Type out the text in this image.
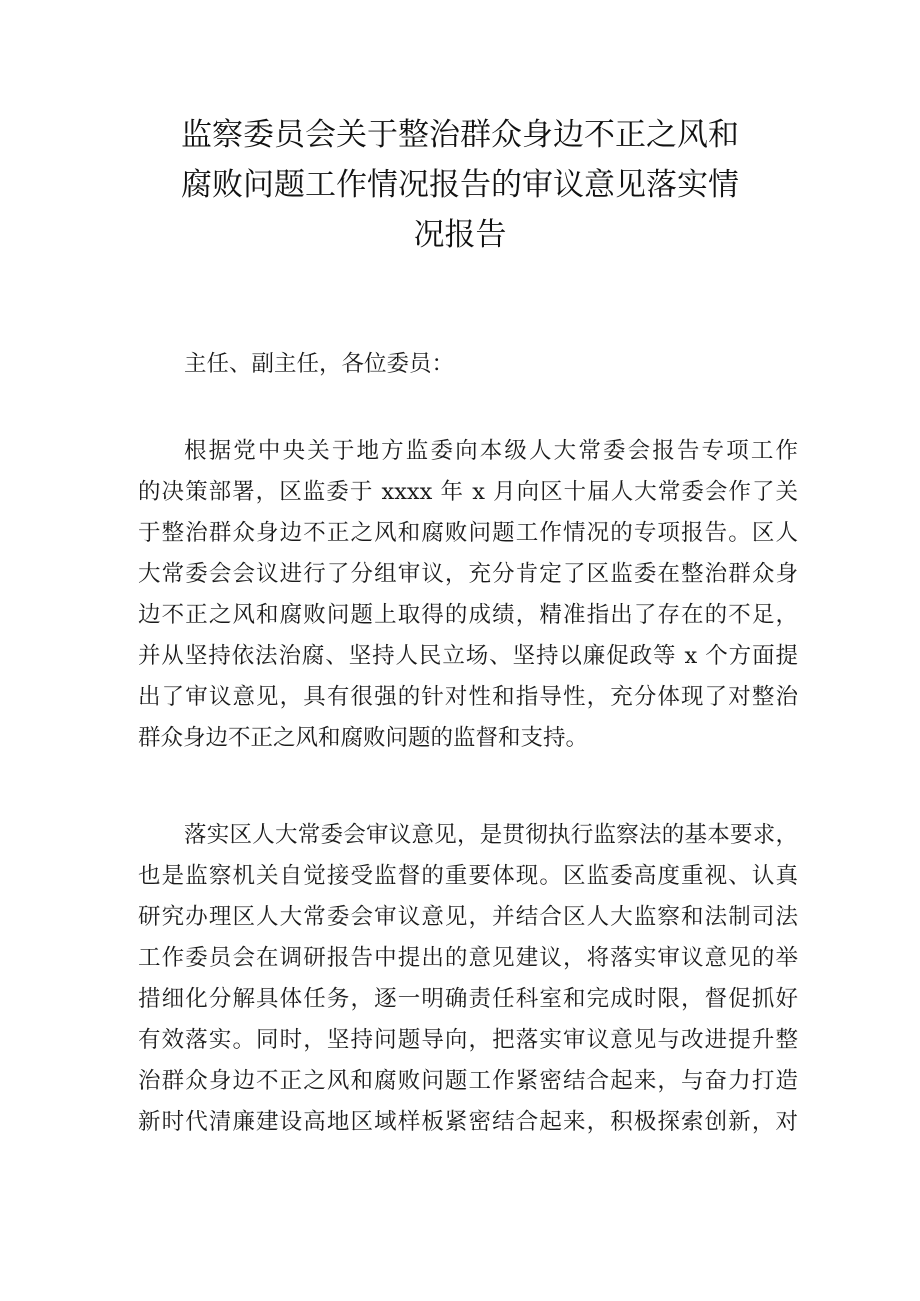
监察委员会关于整治群众身边不正之风和
腐败问题工作情况报告的审议意见落实情
况报告
主任、副主任，各位委员：
根据党中央关于地方监委向本级人大常委会报告专项工作
的决策部署，区监委于 xxxx 年 x 月向区十届人大常委会作了关
于整治群众身边不正之风和腐败问题工作情况的专项报告。区人
大常委会会议进行了分组审议，充分肯定了区监委在整治群众身
边不正之风和腐败问题上取得的成绩，精准指出了存在的不足，
并从坚持依法治腐、坚持人民立场、坚持以廉促政等 x 个方面提
出了审议意见，具有很强的针对性和指导性，充分体现了对整治
群众身边不正之风和腐败问题的监督和支持。
落实区人大常委会审议意见，是贯彻执行监察法的基本要求，
也是监察机关自觉接受监督的重要体现。区监委高度重视、认真
研究办理区人大常委会审议意见，并结合区人大监察和法制司法
工作委员会在调研报告中提出的意见建议，将落实审议意见的举
措细化分解具体任务，逐一明确责任科室和完成时限，督促抓好
有效落实。同时，坚持问题导向，把落实审议意见与改进提升整
治群众身边不正之风和腐败问题工作紧密结合起来，与奋力打造
新时代清廉建设高地区域样板紧密结合起来，积极探索创新，对
